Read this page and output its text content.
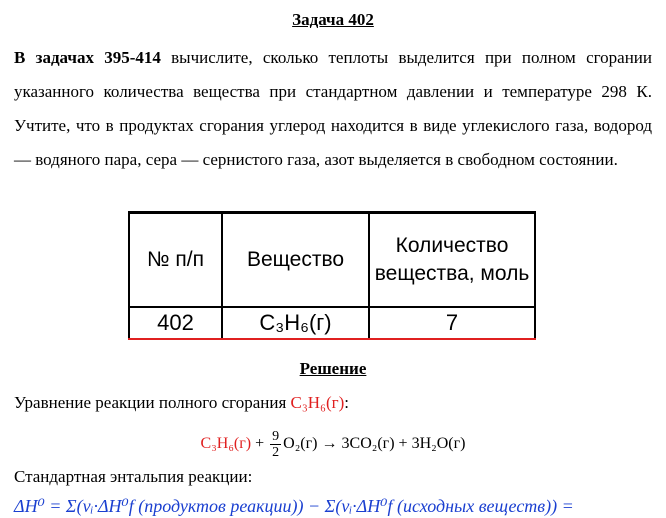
Задача 402
В задачах 395-414 вычислите, сколько теплоты выделится при полном сгорании указанного количества вещества при стандартном давлении и температуре 298 К. Учтите, что в продуктах сгорания углерод находится в виде углекислого газа, водород — водяного пара, сера — сернистого газа, азот выделяется в свободном состоянии.
№ п/п	Вещество	Количество вещества, моль
402	C₃H₆(г)	7
Решение
Уравнение реакции полного сгорания C₃H₆(г):
$C_3H_6(г) + \frac{9}{2} O_2(г) \to 3CO_2(г) + 3H_2O(г)$
Стандартная энтальпия реакции:
ΔH⁰ = Σ(νᵢ·ΔH⁰f (продуктов реакции)) − Σ(νᵢ·ΔH⁰f (исходных веществ)) =
